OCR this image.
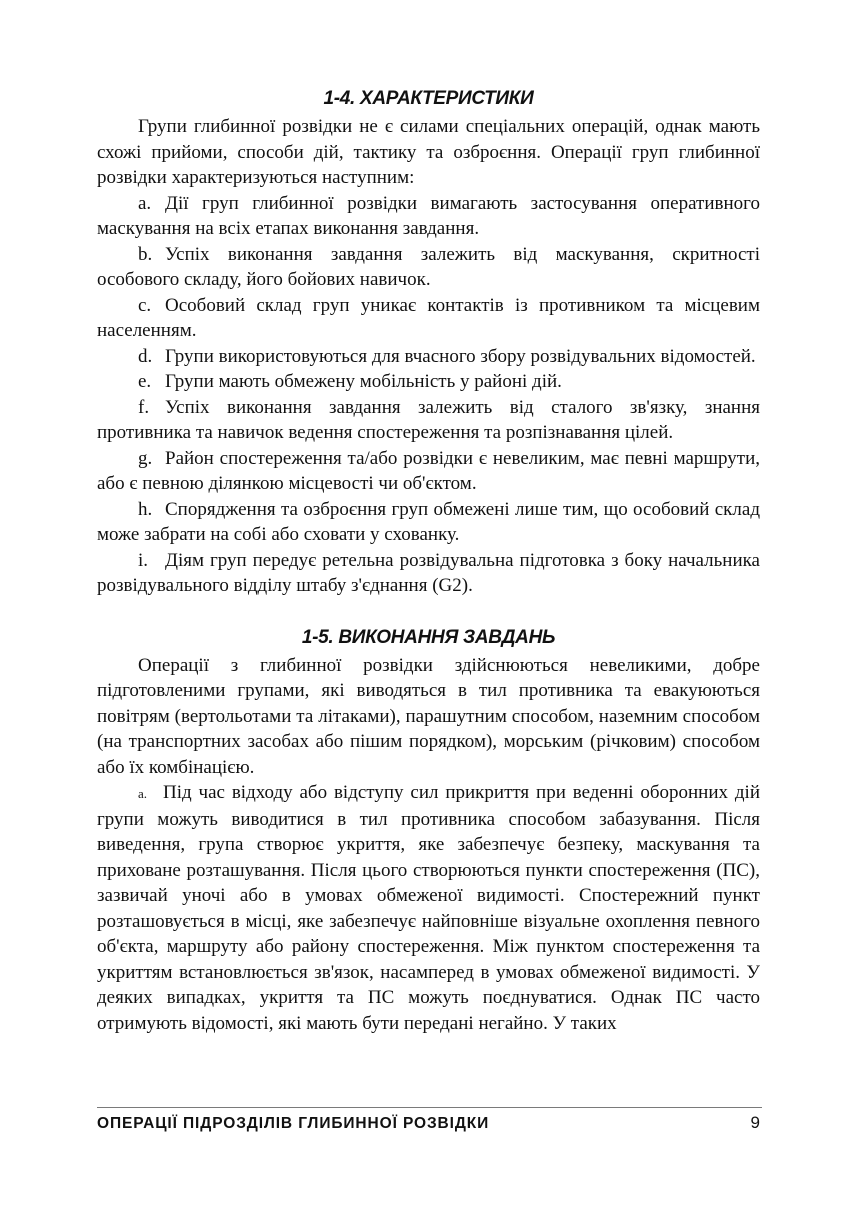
1-4. ХАРАКТЕРИСТИКИ

Групи глибинної розвідки не є силами спеціальних операцій, однак мають схожі прийоми, способи дій, тактику та озброєння. Операції груп глибинної розвідки характеризуються наступним:

a. Дії груп глибинної розвідки вимагають застосування оперативного маскування на всіх етапах виконання завдання.

b. Успіх виконання завдання залежить від маскування, скритності особового складу, його бойових навичок.

c. Особовий склад груп уникає контактів із противником та місцевим населенням.

d. Групи використовуються для вчасного збору розвідувальних відомостей.

e. Групи мають обмежену мобільність у районі дій.

f. Успіх виконання завдання залежить від сталого зв'язку, знання противника та навичок ведення спостереження та розпізнавання цілей.

g. Район спостереження та/або розвідки є невеликим, має певні маршрути, або є певною ділянкою місцевості чи об'єктом.

h. Спорядження та озброєння груп обмежені лише тим, що особовий склад може забрати на собі або сховати у схованку.

i. Діям груп передує ретельна розвідувальна підготовка з боку начальника розвідувального відділу штабу з'єднання (G2).

1-5. ВИКОНАННЯ ЗАВДАНЬ

Операції з глибинної розвідки здійснюються невеликими, добре підготовленими групами, які виводяться в тил противника та евакуюються повітрям (вертольотами та літаками), парашутним способом, наземним способом (на транспортних засобах або пішим порядком), морським (річковим) способом або їх комбінацією.

a. Під час відходу або відступу сил прикриття при веденні оборонних дій групи можуть виводитися в тил противника способом забазування. Після виведення, група створює укриття, яке забезпечує безпеку, маскування та приховане розташування. Після цього створюються пункти спостереження (ПС), зазвичай уночі або в умовах обмеженої видимості. Спостережний пункт розташовується в місці, яке забезпечує найповніше візуальне охоплення певного об'єкта, маршруту або району спостереження. Між пунктом спостереження та укриттям встановлюється зв'язок, насамперед в умовах обмеженої видимості. У деяких випадках, укриття та ПС можуть поєднуватися. Однак ПС часто отримують відомості, які мають бути передані негайно. У таких

ОПЕРАЦІЇ ПІДРОЗДІЛІВ ГЛИБИННОЇ РОЗВІДКИ	9
